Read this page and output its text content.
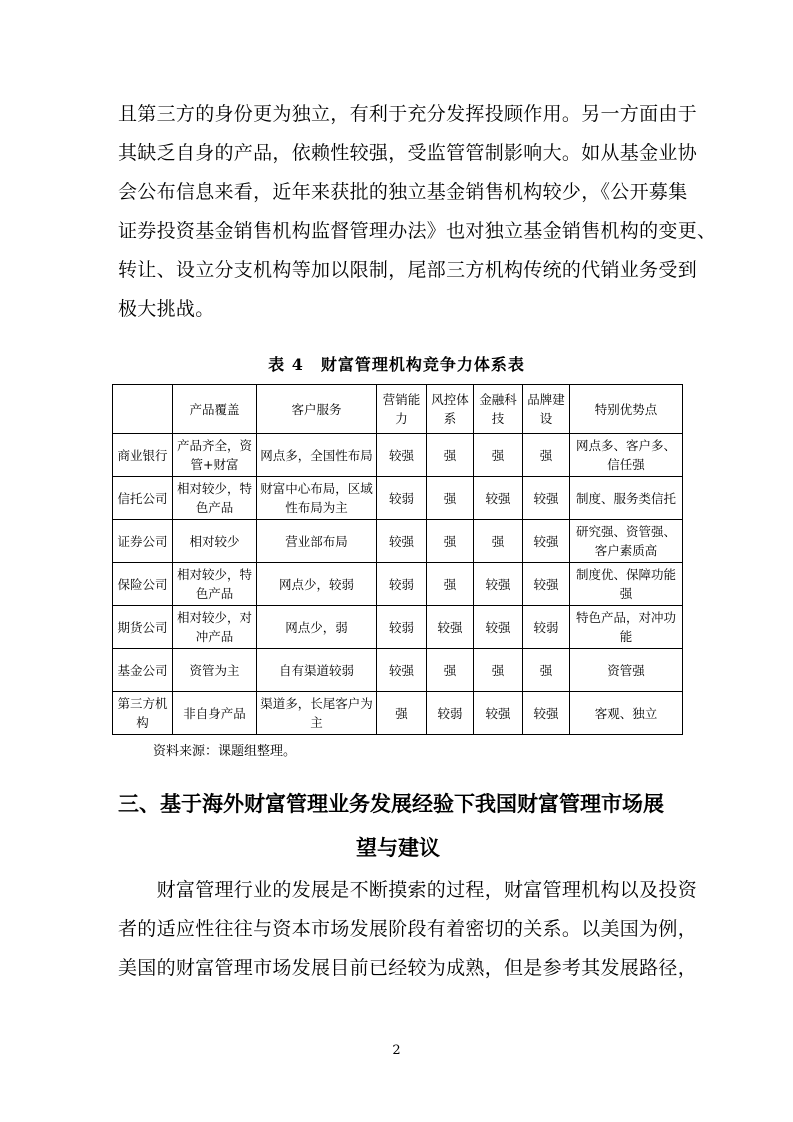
且第三方的身份更为独立，有利于充分发挥投顾作用。另一方面由于
其缺乏自身的产品，依赖性较强，受监管管制影响大。如从基金业协
会公布信息来看，近年来获批的独立基金销售机构较少，《公开募集
证券投资基金销售机构监督管理办法》也对独立基金销售机构的变更、
转让、设立分支机构等加以限制，尾部三方机构传统的代销业务受到
极大挑战。
表 4　财富管理机构竞争力体系表
	产品覆盖	客户服务	营销能力	风控体系	金融科技	品牌建设	特别优势点
商业银行	产品齐全，资管+财富	网点多，全国性布局	较强	强	强	强	网点多、客户多、信任强
信托公司	相对较少，特色产品	财富中心布局，区域性布局为主	较弱	强	较强	较强	制度、服务类信托
证券公司	相对较少	营业部布局	较强	强	强	较强	研究强、资管强、客户素质高
保险公司	相对较少，特色产品	网点少，较弱	较弱	强	较强	较强	制度优、保障功能强
期货公司	相对较少，对冲产品	网点少，弱	较弱	较强	较强	较弱	特色产品，对冲功能
基金公司	资管为主	自有渠道较弱	较强	强	强	强	资管强
第三方机构	非自身产品	渠道多，长尾客户为主	强	较弱	较强	较强	客观、独立
资料来源：课题组整理。
三、基于海外财富管理业务发展经验下我国财富管理市场展
望与建议
　　财富管理行业的发展是不断摸索的过程，财富管理机构以及投资
者的适应性往往与资本市场发展阶段有着密切的关系。以美国为例，
美国的财富管理市场发展目前已经较为成熟，但是参考其发展路径，
2
